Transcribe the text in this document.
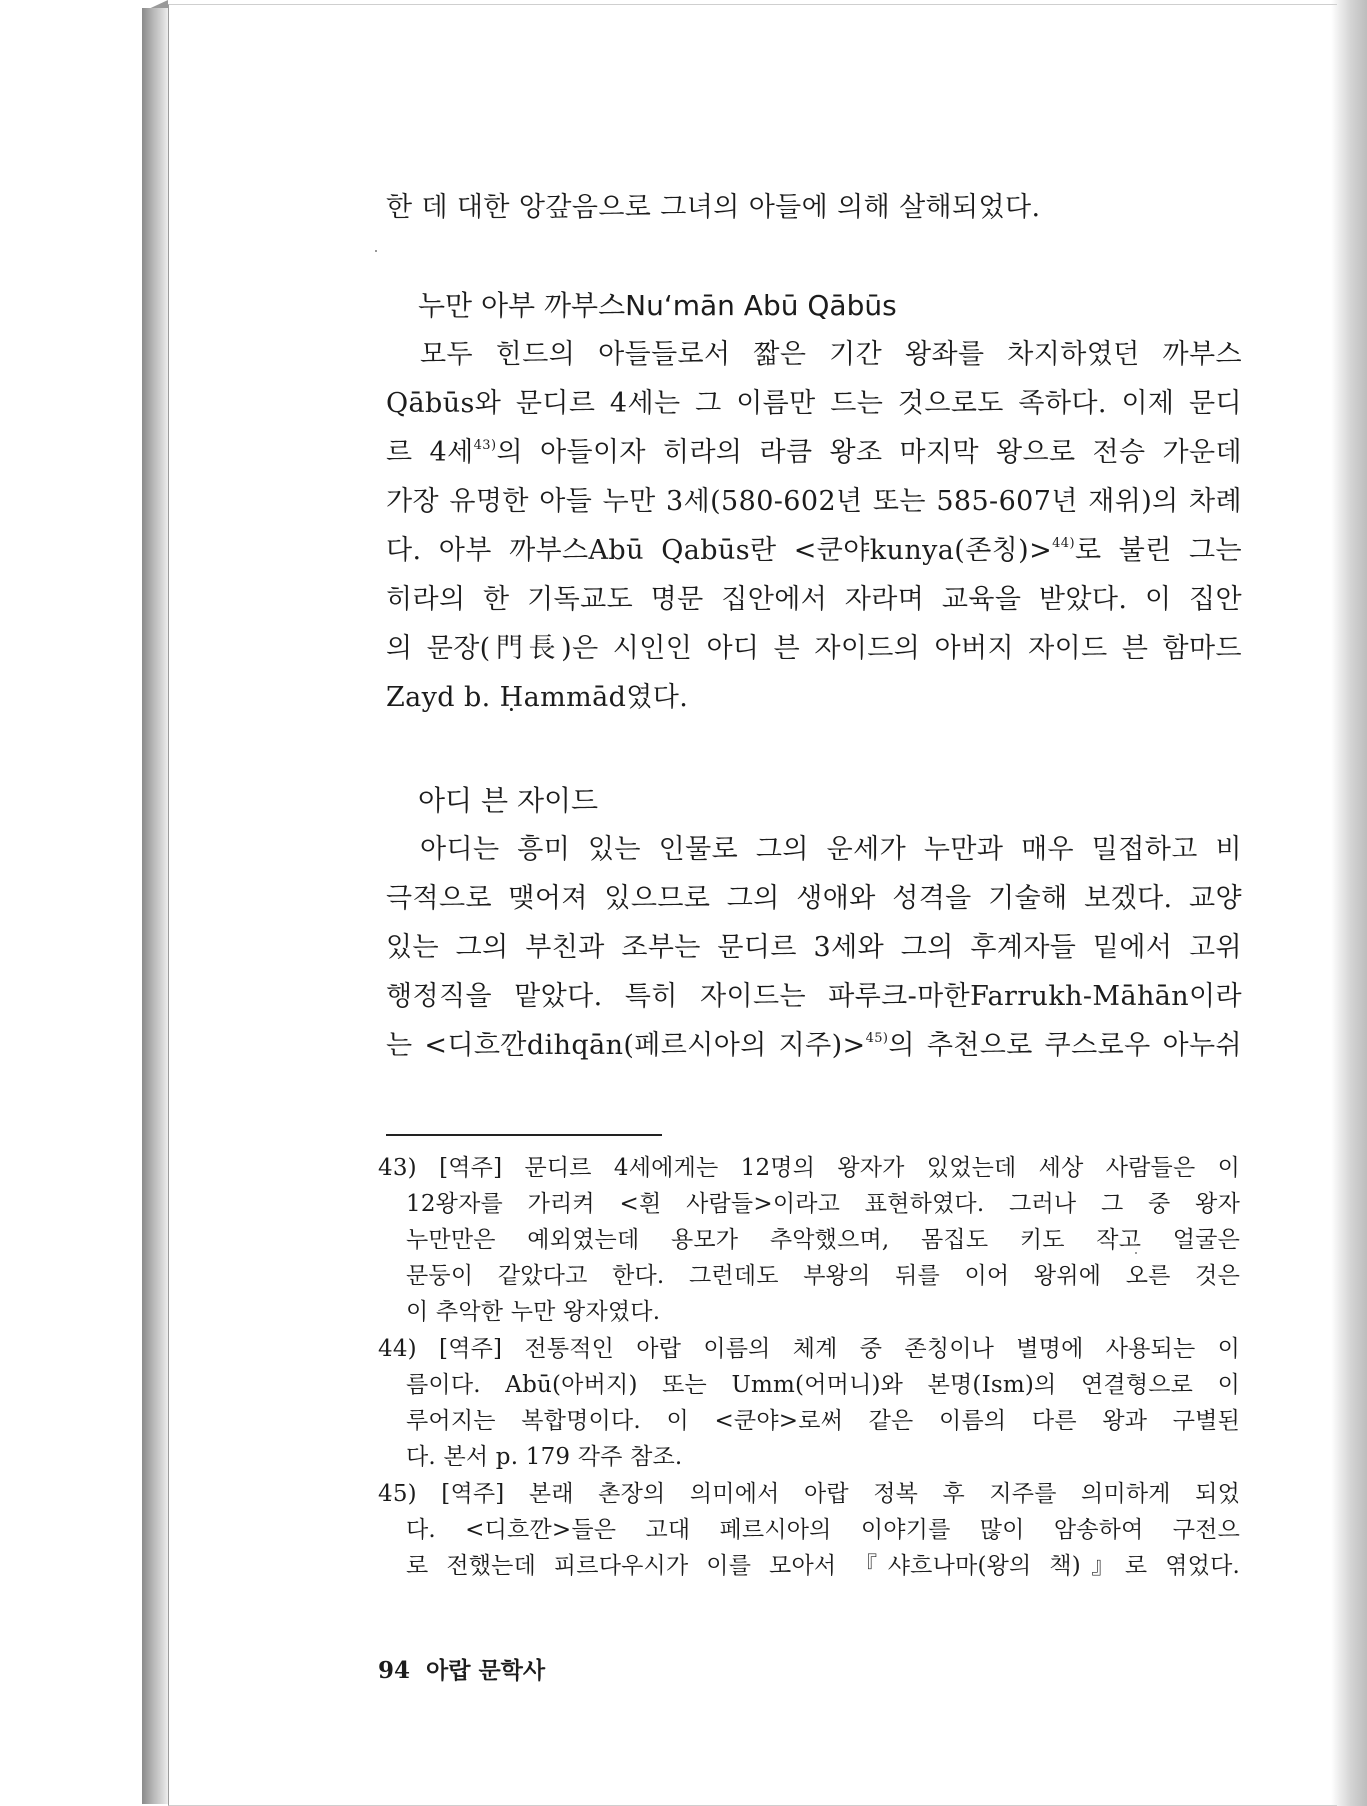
한 데 대한 앙갚음으로 그녀의 아들에 의해 살해되었다.

누만 아부 까부스Nu‘mān Abū Qābūs

모두 힌드의 아들들로서 짧은 기간 왕좌를 차지하였던 까부스

Qābūs와 문디르 4세는 그 이름만 드는 것으로도 족하다. 이제 문디

르 4세$^{43)}$의 아들이자 히라의 라큼 왕조 마지막 왕으로 전승 가운데

가장 유명한 아들 누만 3세(580-602년 또는 585-607년 재위)의 차례

다. 아부 까부스Abū Qabūs란 <쿤야kunya(존칭)>$^{44)}$로 불린 그는

히라의 한 기독교도 명문 집안에서 자라며 교육을 받았다. 이 집안

의 문장(門長)은 시인인 아디 븐 자이드의 아버지 자이드 븐 함마드

Zayd b. Ḥammād였다.

아디 븐 자이드

아디는 흥미 있는 인물로 그의 운세가 누만과 매우 밀접하고 비

극적으로 맺어져 있으므로 그의 생애와 성격을 기술해 보겠다. 교양

있는 그의 부친과 조부는 문디르 3세와 그의 후계자들 밑에서 고위

행정직을 맡았다. 특히 자이드는 파루크-마한Farrukh-Māhān이라

는 <디흐깐dihqān(페르시아의 지주)>$^{45)}$의 추천으로 쿠스로우 아누쉬

43) [역주] 문디르 4세에게는 12명의 왕자가 있었는데 세상 사람들은 이

12왕자를 가리켜 <흰 사람들>이라고 표현하였다. 그러나 그 중 왕자

누만만은 예외였는데 용모가 추악했으며, 몸집도 키도 작고 얼굴은

문둥이 같았다고 한다. 그런데도 부왕의 뒤를 이어 왕위에 오른 것은

이 추악한 누만 왕자였다.

44) [역주] 전통적인 아랍 이름의 체계 중 존칭이나 별명에 사용되는 이

름이다. Abū(아버지) 또는 Umm(어머니)와 본명(Ism)의 연결형으로 이

루어지는 복합명이다. 이 <쿤야>로써 같은 이름의 다른 왕과 구별된

다. 본서 p. 179 각주 참조.

45) [역주] 본래 촌장의 의미에서 아랍 정복 후 지주를 의미하게 되었

다. <디흐깐>들은 고대 페르시아의 이야기를 많이 암송하여 구전으

로 전했는데 피르다우시가 이를 모아서 『샤흐나마(왕의 책)』로 엮었다.

94 아랍 문학사
